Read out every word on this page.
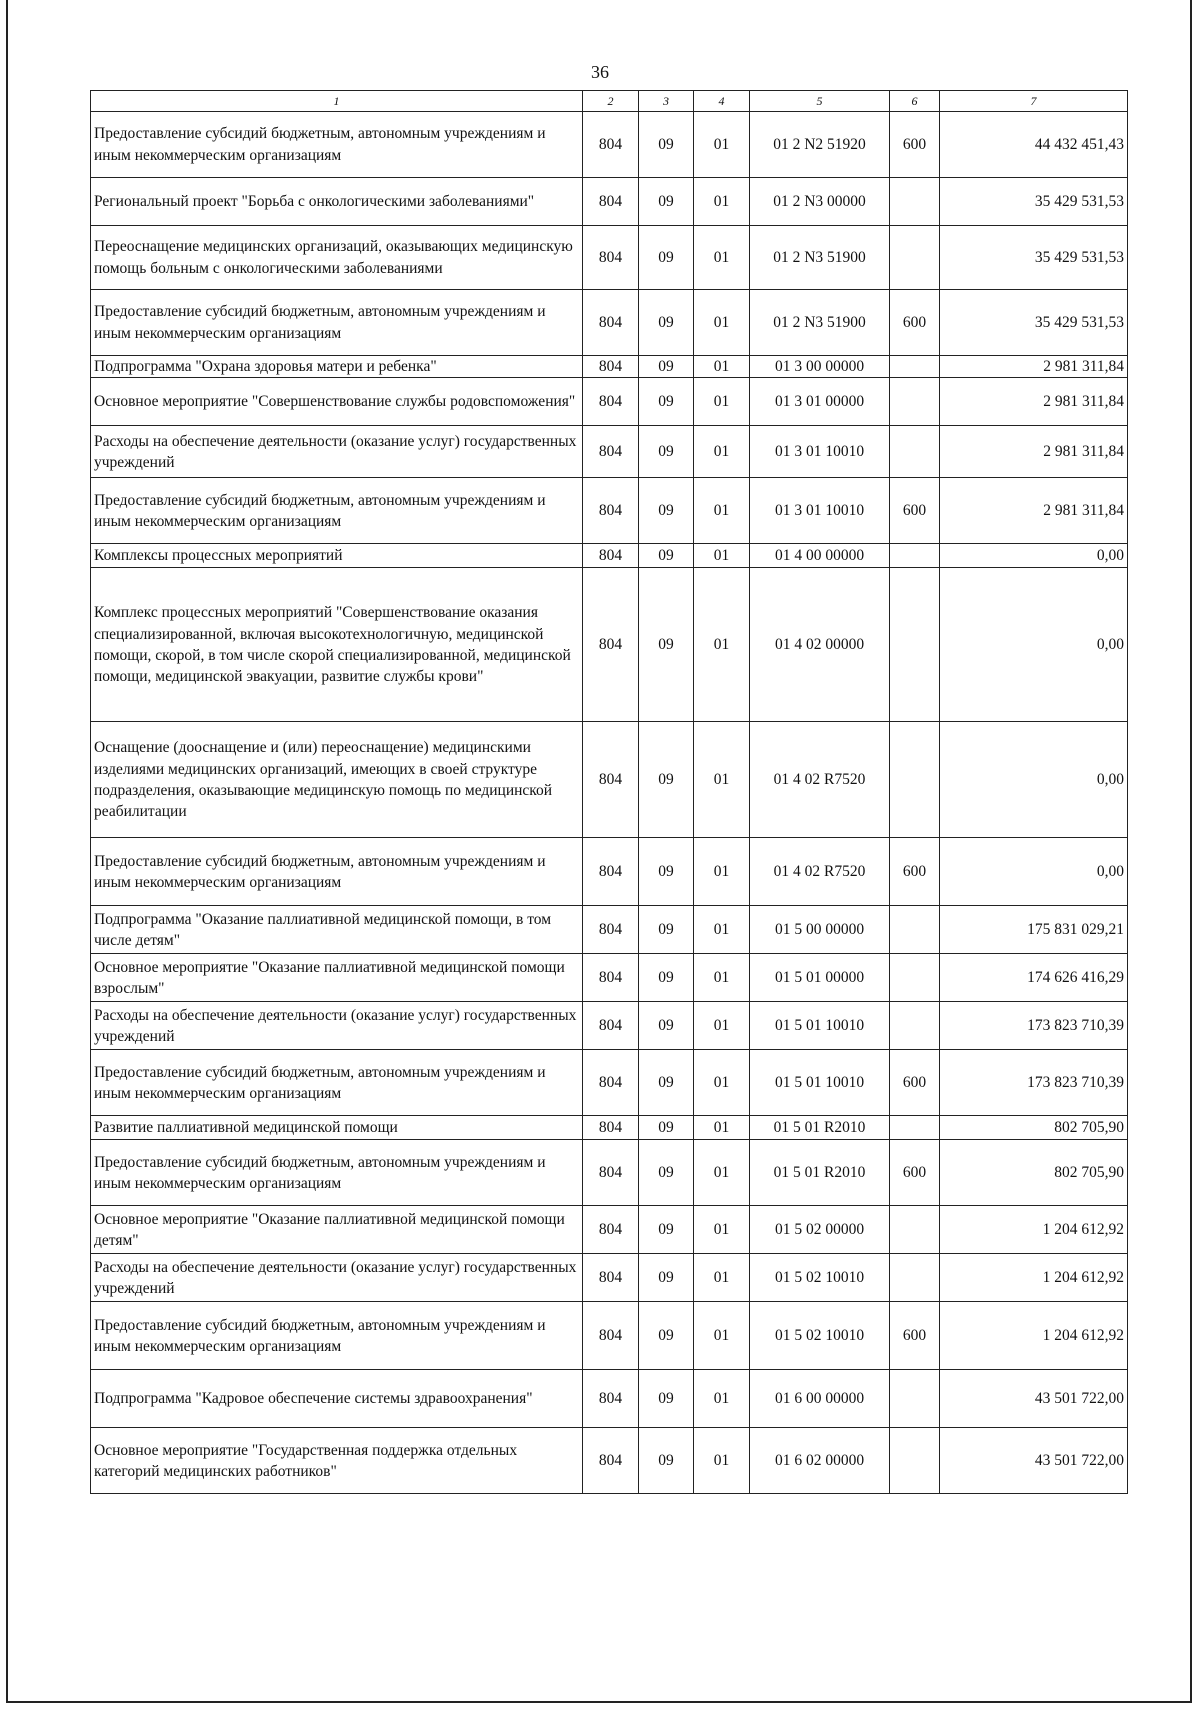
36
1	2	3	4	5	6	7
Предоставление субсидий бюджетным, автономным учреждениям и иным некоммерческим организациям	804	09	01	01 2 N2 51920	600	44 432 451,43
Региональный проект "Борьба с онкологическими заболеваниями"	804	09	01	01 2 N3 00000		35 429 531,53
Переоснащение медицинских организаций, оказывающих медицинскую помощь больным с онкологическими заболеваниями	804	09	01	01 2 N3 51900		35 429 531,53
Предоставление субсидий бюджетным, автономным учреждениям и иным некоммерческим организациям	804	09	01	01 2 N3 51900	600	35 429 531,53
Подпрограмма "Охрана здоровья матери и ребенка"	804	09	01	01 3 00 00000		2 981 311,84
Основное мероприятие "Совершенствование службы родовспоможения"	804	09	01	01 3 01 00000		2 981 311,84
Расходы на обеспечение деятельности (оказание услуг) государственных учреждений	804	09	01	01 3 01 10010		2 981 311,84
Предоставление субсидий бюджетным, автономным учреждениям и иным некоммерческим организациям	804	09	01	01 3 01 10010	600	2 981 311,84
Комплексы процессных мероприятий	804	09	01	01 4 00 00000		0,00
Комплекс процессных мероприятий "Совершенствование оказания специализированной, включая высокотехнологичную, медицинской помощи, скорой, в том числе скорой специализированной, медицинской помощи, медицинской эвакуации, развитие службы крови"	804	09	01	01 4 02 00000		0,00
Оснащение (дооснащение и (или) переоснащение) медицинскими изделиями медицинских организаций, имеющих в своей структуре подразделения, оказывающие медицинскую помощь по медицинской реабилитации	804	09	01	01 4 02 R7520		0,00
Предоставление субсидий бюджетным, автономным учреждениям и иным некоммерческим организациям	804	09	01	01 4 02 R7520	600	0,00
Подпрограмма "Оказание паллиативной медицинской помощи, в том числе детям"	804	09	01	01 5 00 00000		175 831 029,21
Основное мероприятие "Оказание паллиативной медицинской помощи взрослым"	804	09	01	01 5 01 00000		174 626 416,29
Расходы на обеспечение деятельности (оказание услуг) государственных учреждений	804	09	01	01 5 01 10010		173 823 710,39
Предоставление субсидий бюджетным, автономным учреждениям и иным некоммерческим организациям	804	09	01	01 5 01 10010	600	173 823 710,39
Развитие паллиативной медицинской помощи	804	09	01	01 5 01 R2010		802 705,90
Предоставление субсидий бюджетным, автономным учреждениям и иным некоммерческим организациям	804	09	01	01 5 01 R2010	600	802 705,90
Основное мероприятие "Оказание паллиативной медицинской помощи детям"	804	09	01	01 5 02 00000		1 204 612,92
Расходы на обеспечение деятельности (оказание услуг) государственных учреждений	804	09	01	01 5 02 10010		1 204 612,92
Предоставление субсидий бюджетным, автономным учреждениям и иным некоммерческим организациям	804	09	01	01 5 02 10010	600	1 204 612,92
Подпрограмма "Кадровое обеспечение системы здравоохранения"	804	09	01	01 6 00 00000		43 501 722,00
Основное мероприятие "Государственная поддержка отдельных категорий медицинских работников"	804	09	01	01 6 02 00000		43 501 722,00
